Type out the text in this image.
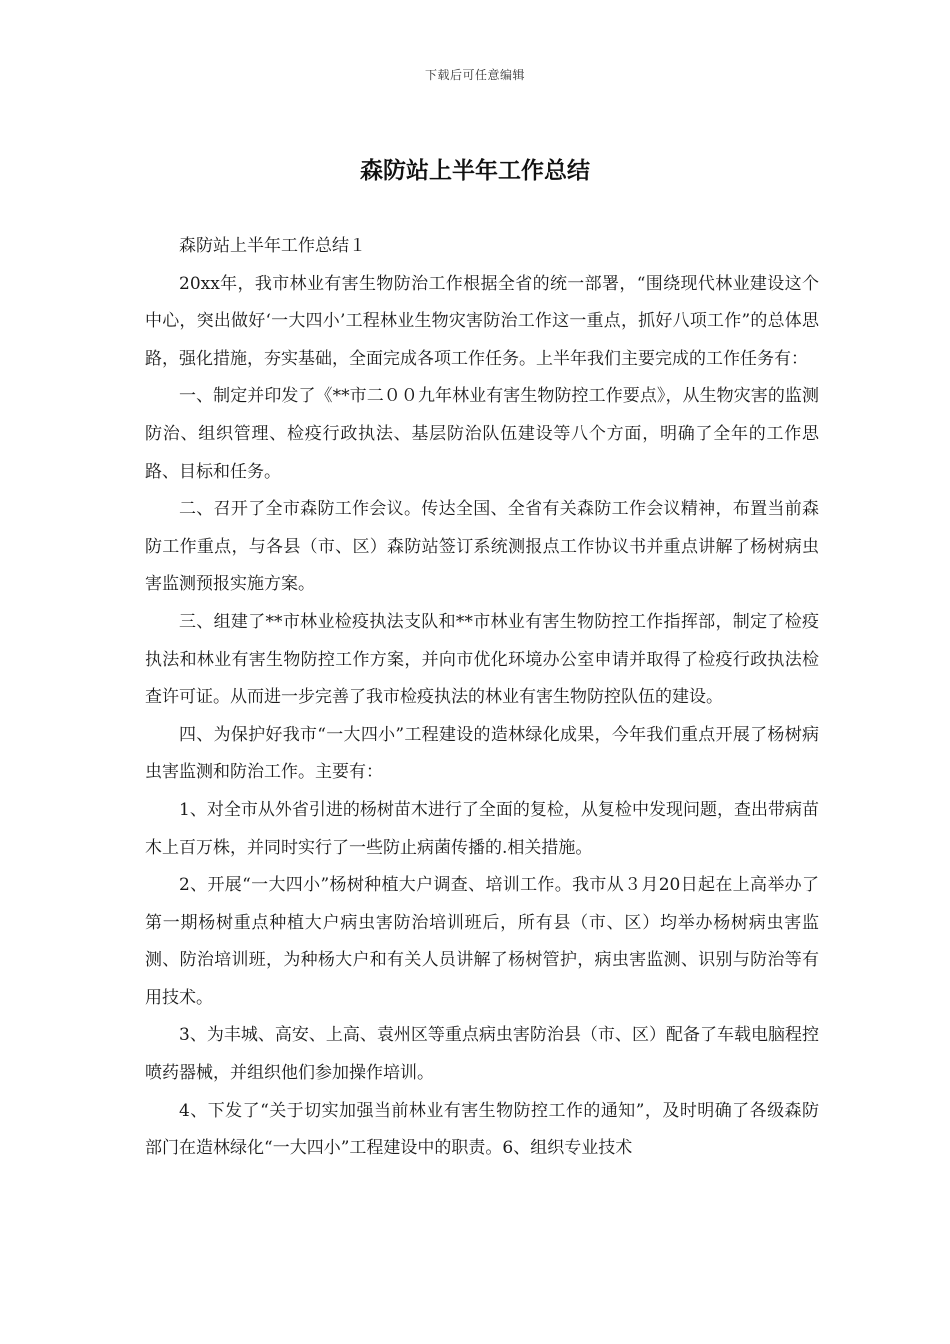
下载后可任意编辑
森防站上半年工作总结

森防站上半年工作总结１

20xx年，我市林业有害生物防治工作根据全省的统一部署，“围绕现代林业建设这个中心，突出做好‘一大四小’工程林业生物灾害防治工作这一重点，抓好八项工作”的总体思路，强化措施，夯实基础，全面完成各项工作任务。上半年我们主要完成的工作任务有：

一、制定并印发了《**市二００九年林业有害生物防控工作要点》，从生物灾害的监测防治、组织管理、检疫行政执法、基层防治队伍建设等八个方面，明确了全年的工作思路、目标和任务。

二、召开了全市森防工作会议。传达全国、全省有关森防工作会议精神，布置当前森防工作重点，与各县（市、区）森防站签订系统测报点工作协议书并重点讲解了杨树病虫害监测预报实施方案。

三、组建了**市林业检疫执法支队和**市林业有害生物防控工作指挥部，制定了检疫执法和林业有害生物防控工作方案，并向市优化环境办公室申请并取得了检疫行政执法检查许可证。从而进一步完善了我市检疫执法的林业有害生物防控队伍的建设。

四、为保护好我市“一大四小”工程建设的造林绿化成果，今年我们重点开展了杨树病虫害监测和防治工作。主要有：

1、对全市从外省引进的杨树苗木进行了全面的复检，从复检中发现问题，查出带病苗木上百万株，并同时实行了一些防止病菌传播的.相关措施。

2、开展“一大四小”杨树种植大户调查、培训工作。我市从３月20日起在上高举办了第一期杨树重点种植大户病虫害防治培训班后，所有县（市、区）均举办杨树病虫害监测、防治培训班，为种杨大户和有关人员讲解了杨树管护，病虫害监测、识别与防治等有用技术。

3、为丰城、高安、上高、袁州区等重点病虫害防治县（市、区）配备了车载电脑程控喷药器械，并组织他们参加操作培训。

4、下发了“关于切实加强当前林业有害生物防控工作的通知”，及时明确了各级森防部门在造林绿化“一大四小”工程建设中的职责。6、组织专业技术
